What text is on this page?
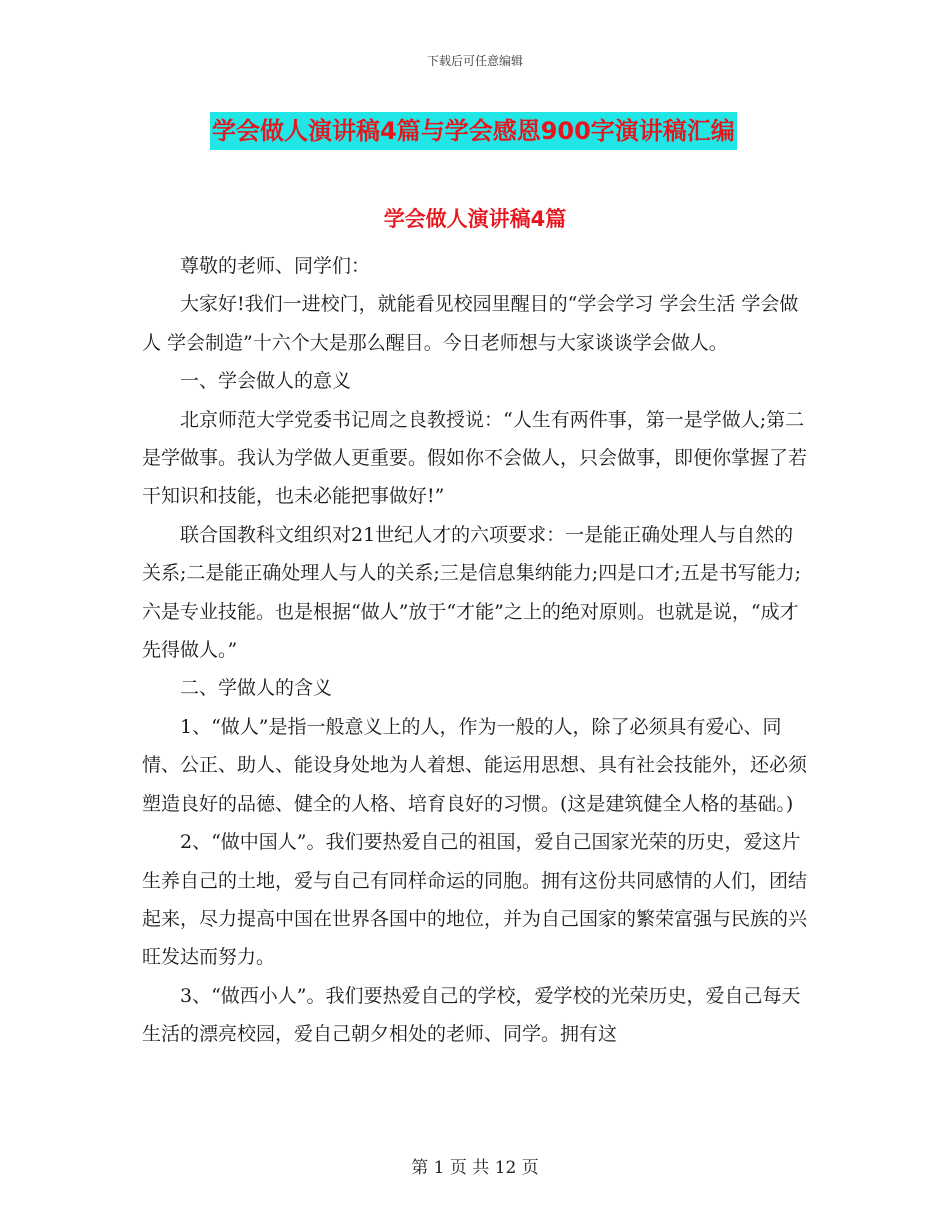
下载后可任意编辑
学会做人演讲稿4篇与学会感恩900字演讲稿汇编
学会做人演讲稿4篇

尊敬的老师、同学们：

大家好!我们一进校门，就能看见校园里醒目的“学会学习 学会生活 学会做人 学会制造”十六个大是那么醒目。今日老师想与大家谈谈学会做人。

一、学会做人的意义

北京师范大学党委书记周之良教授说：“人生有两件事，第一是学做人;第二是学做事。我认为学做人更重要。假如你不会做人，只会做事，即便你掌握了若干知识和技能，也未必能把事做好!”

联合国教科文组织对21世纪人才的六项要求：一是能正确处理人与自然的关系;二是能正确处理人与人的关系;三是信息集纳能力;四是口才;五是书写能力;六是专业技能。也是根据“做人”放于“才能”之上的绝对原则。也就是说，“成才先得做人。”

二、学做人的含义

1、“做人”是指一般意义上的人，作为一般的人，除了必须具有爱心、同情、公正、助人、能设身处地为人着想、能运用思想、具有社会技能外，还必须塑造良好的品德、健全的人格、培育良好的习惯。(这是建筑健全人格的基础。)

2、“做中国人”。我们要热爱自己的祖国，爱自己国家光荣的历史，爱这片生养自己的土地，爱与自己有同样命运的同胞。拥有这份共同感情的人们，团结起来，尽力提高中国在世界各国中的地位，并为自己国家的繁荣富强与民族的兴旺发达而努力。

3、“做西小人”。我们要热爱自己的学校，爱学校的光荣历史，爱自己每天生活的漂亮校园，爱自己朝夕相处的老师、同学。拥有这

第 1 页 共 12 页
